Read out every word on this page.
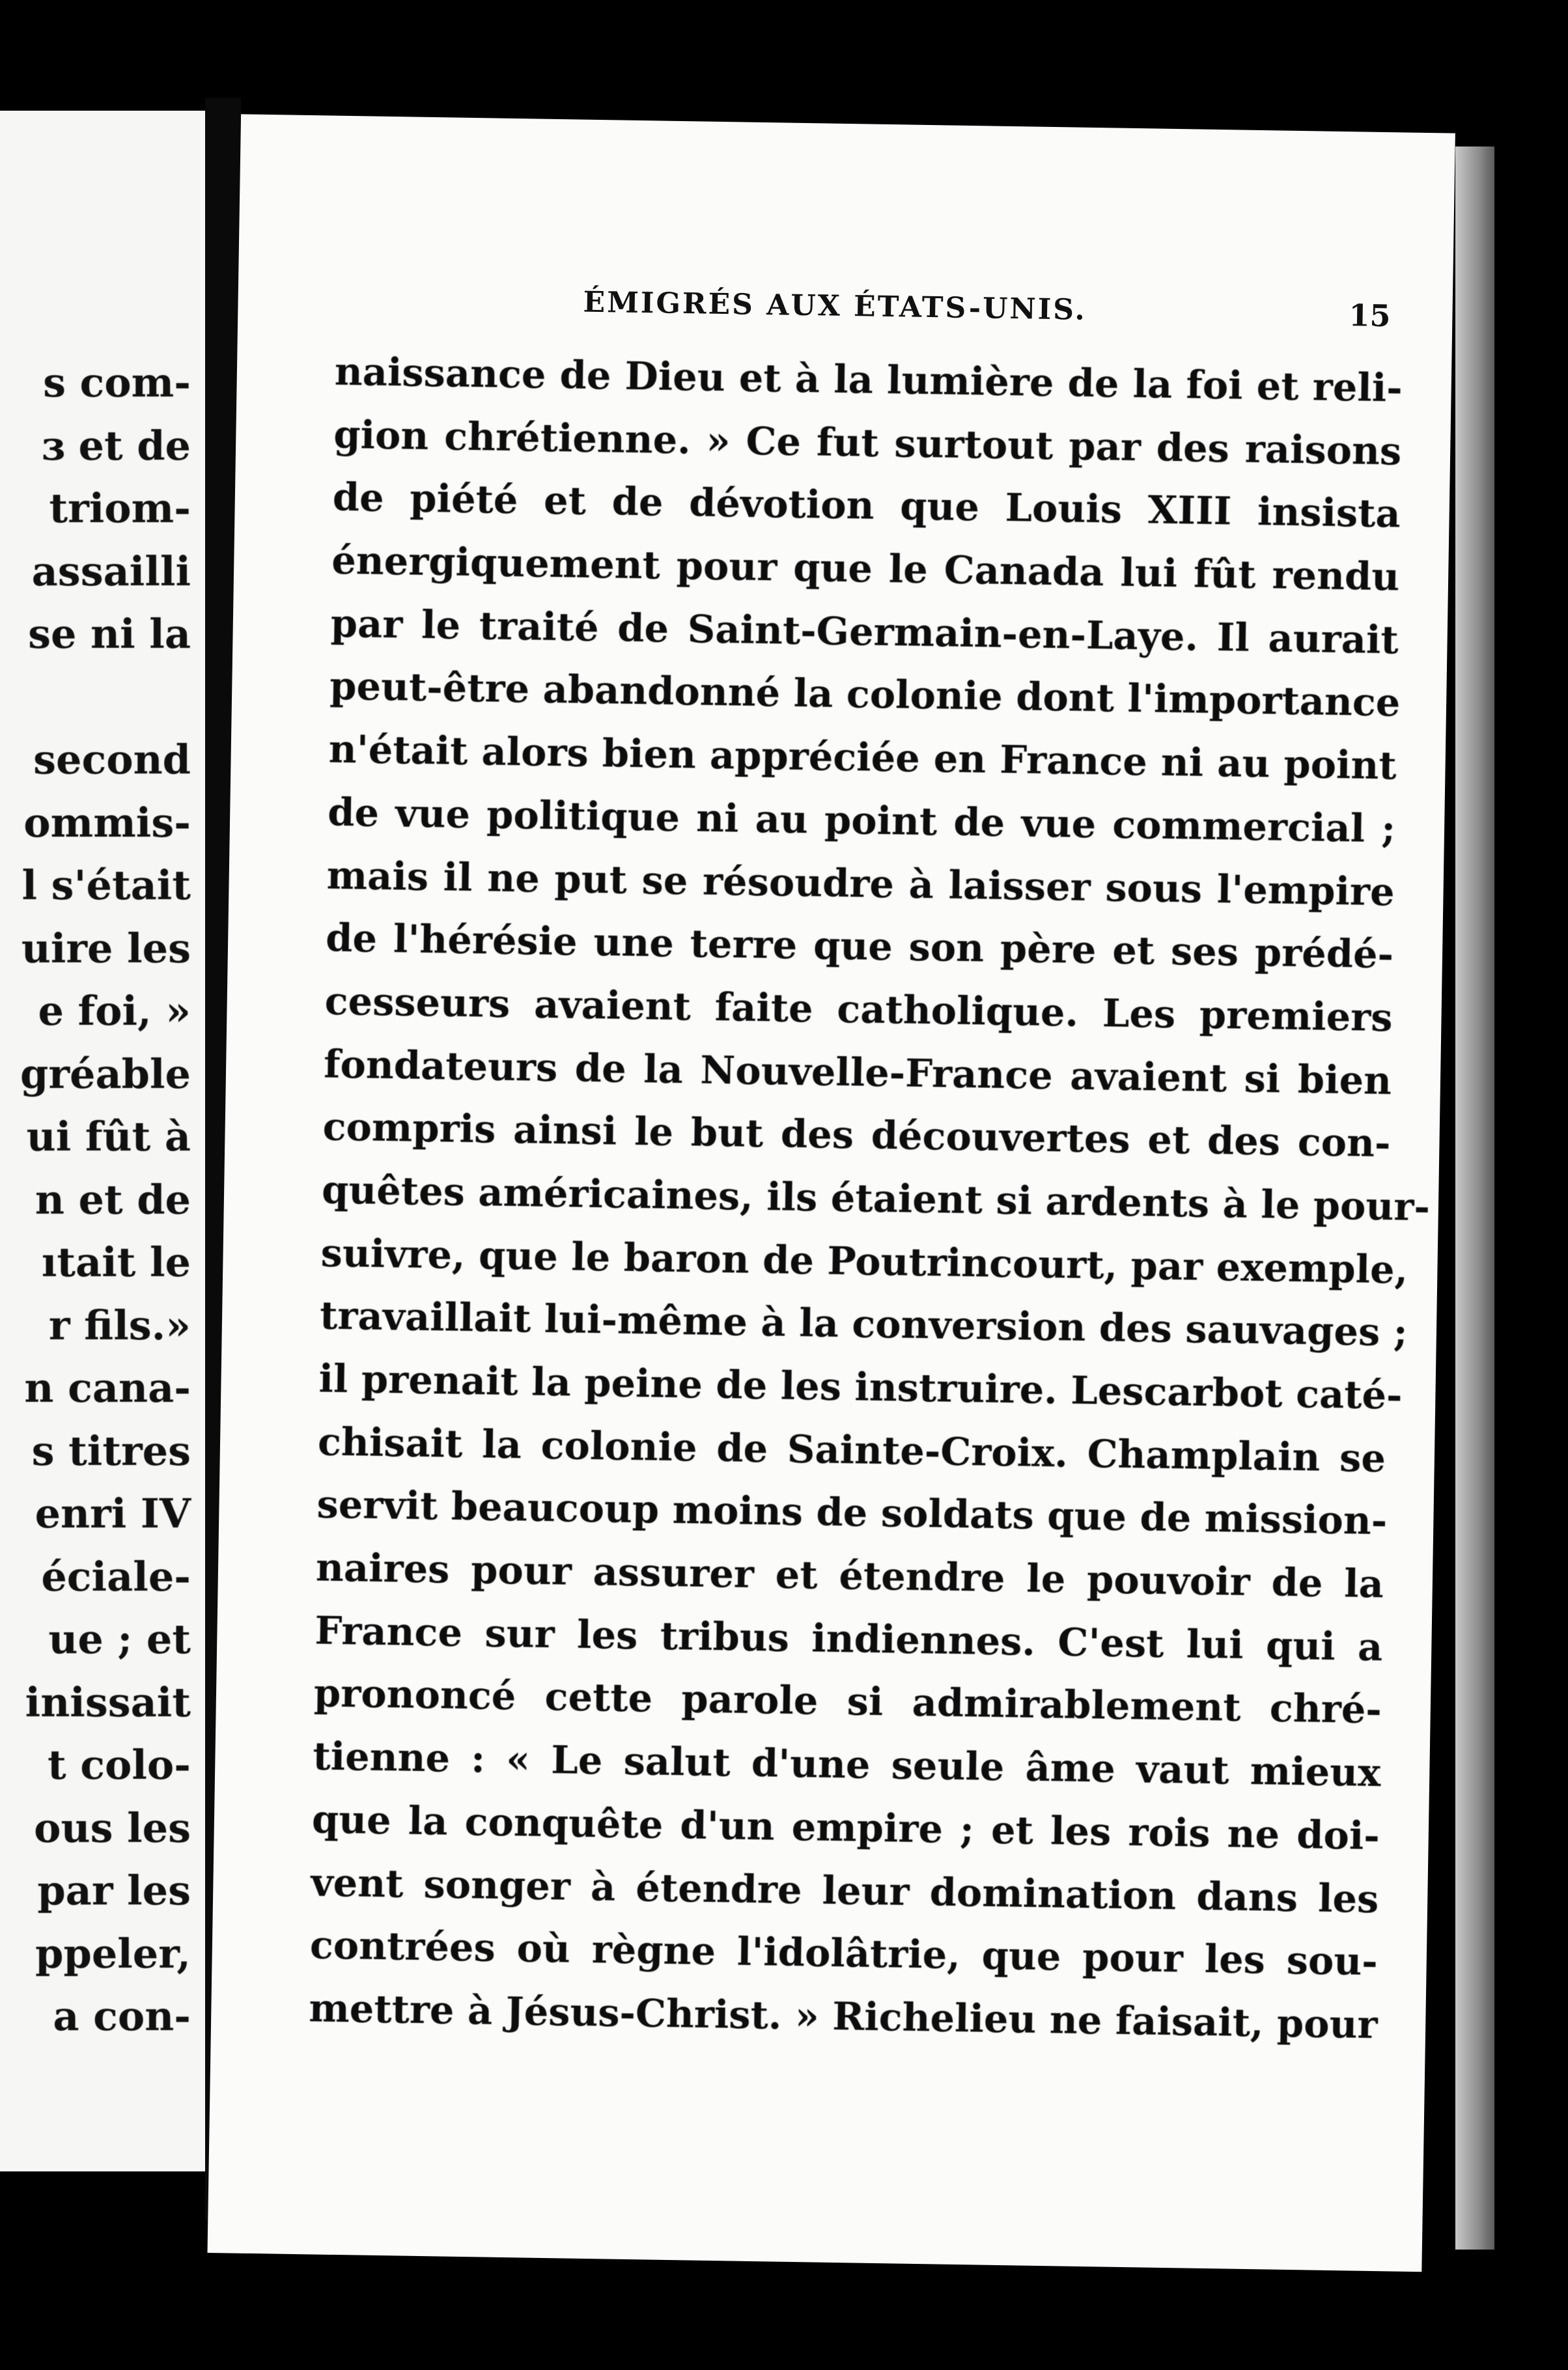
s com-
ɜ et de
triom-
assailli
se ni la
second
ommis-
l s'était
uire les
e foi, »
gréable
ui fût à
n et de
ıtait le
r fils.»
n cana-
s titres
enri IV
éciale-
ue ; et
inissait
t colo-
ous les
par les
ppeler,
a con-
ÉMIGRÉS AUX ÉTATS-UNIS.	15
naissance de Dieu et à la lumière de la foi et reli-
gion chrétienne. » Ce fut surtout par des raisons
de piété et de dévotion que Louis XIII insista
énergiquement pour que le Canada lui fût rendu
par le traité de Saint-Germain-en-Laye. Il aurait
peut-être abandonné la colonie dont l'importance
n'était alors bien appréciée en France ni au point
de vue politique ni au point de vue commercial ;
mais il ne put se résoudre à laisser sous l'empire
de l'hérésie une terre que son père et ses prédé-
cesseurs avaient faite catholique. Les premiers
fondateurs de la Nouvelle-France avaient si bien
compris ainsi le but des découvertes et des con-
quêtes américaines, ils étaient si ardents à le pour-
suivre, que le baron de Poutrincourt, par exemple,
travaillait lui-même à la conversion des sauvages ;
il prenait la peine de les instruire. Lescarbot caté-
chisait la colonie de Sainte-Croix. Champlain se
servit beaucoup moins de soldats que de mission-
naires pour assurer et étendre le pouvoir de la
France sur les tribus indiennes. C'est lui qui a
prononcé cette parole si admirablement chré-
tienne : « Le salut d'une seule âme vaut mieux
que la conquête d'un empire ; et les rois ne doi-
vent songer à étendre leur domination dans les
contrées où règne l'idolâtrie, que pour les sou-
mettre à Jésus-Christ. » Richelieu ne faisait, pour
